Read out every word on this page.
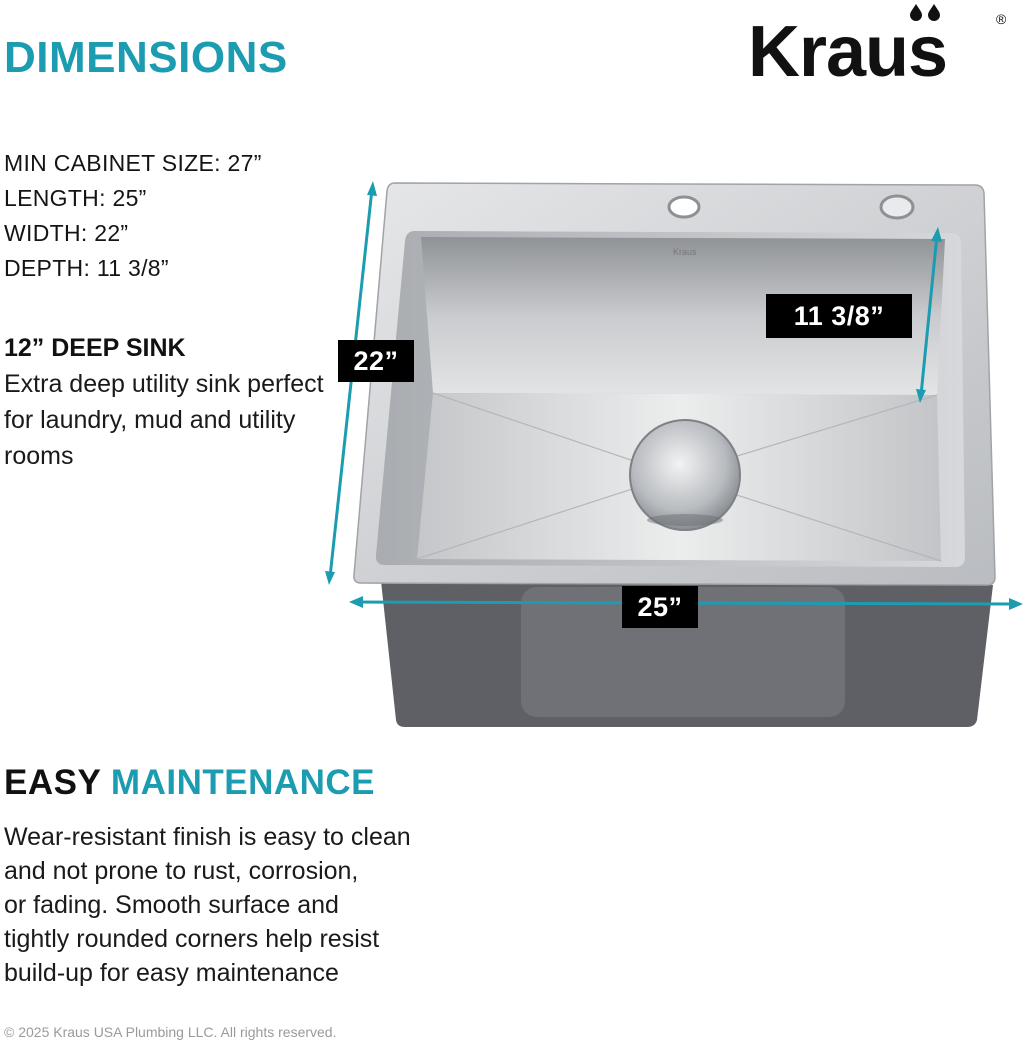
DIMENSIONS	Kraus	®
MIN CABINET SIZE: 27”
LENGTH: 25”
WIDTH: 22”
DEPTH: 11 3/8”
12” DEEP SINK
Extra deep utility sink perfect for laundry, mud and utility rooms
Kraus
22”
11 3/8”
25”
EASY MAINTENANCE
Wear-resistant finish is easy to clean
and not prone to rust, corrosion,
or fading. Smooth surface and
tightly rounded corners help resist
build-up for easy maintenance
© 2025 Kraus USA Plumbing LLC. All rights reserved.
